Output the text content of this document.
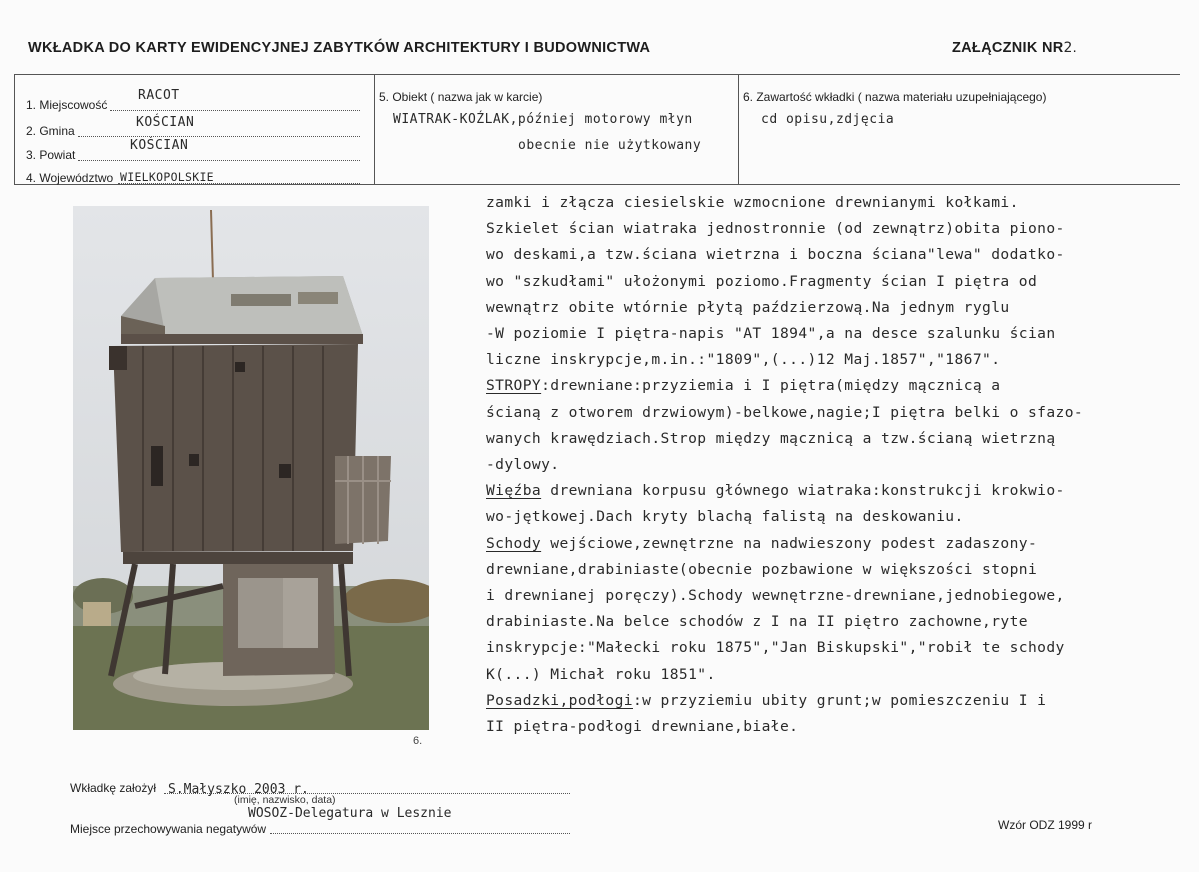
WKŁADKA DO KARTY EWIDENCYJNEJ ZABYTKÓW ARCHITEKTURY I BUDOWNICTWA	ZAŁĄCZNIK NR2.
1. Miejscowość
RACOT
2. Gmina
KOŚCIAN
3. Powiat
KOŚCIAN
4. Województwo WIELKOPOLSKIE
5. Obiekt ( nazwa jak w karcie)
WIATRAK-KOŹLAK,później motorowy młyn
obecnie nie użytkowany
6. Zawartość wkładki ( nazwa materiału uzupełniającego)
cd opisu,zdjęcia
6.
zamki i złącza ciesielskie wzmocnione drewnianymi kołkami.
Szkielet ścian wiatraka jednostronnie (od zewnątrz)obita piono-
wo deskami,a tzw.ściana wietrzna i boczna ściana"lewa" dodatko-
wo "szkudłami" ułożonymi poziomo.Fragmenty ścian I piętra od
wewnątrz obite wtórnie płytą paździerzową.Na jednym ryglu
-W poziomie I piętra-napis "AT 1894",a na desce szalunku ścian
liczne inskrypcje,m.in.:"1809",(...)12 Maj.1857","1867".
STROPY:drewniane:przyziemia i I piętra(między mącznicą a
ścianą z otworem drzwiowym)-belkowe,nagie;I piętra belki o sfazo-
wanych krawędziach.Strop między mącznicą a tzw.ścianą wietrzną
-dylowy.
Więźba drewniana korpusu głównego wiatraka:konstrukcji krokwio-
wo-jętkowej.Dach kryty blachą falistą na deskowaniu.
Schody wejściowe,zewnętrzne na nadwieszony podest zadaszony-
drewniane,drabiniaste(obecnie pozbawione w większości stopni
i drewnianej poręczy).Schody wewnętrzne-drewniane,jednobiegowe,
drabiniaste.Na belce schodów z I na II piętro zachowne,ryte
inskrypcje:"Małecki roku 1875","Jan Biskupski","robił te schody
K(...) Michał roku 1851".
Posadzki,podłogi:w przyziemiu ubity grunt;w pomieszczeniu I i
II piętra-podłogi drewniane,białe.
Wkładkę założył S.Małyszko 2003 r.
(imię, nazwisko, data)
WOSOZ-Delegatura w Lesznie
Miejsce przechowywania negatywów	Wzór ODZ 1999 r
